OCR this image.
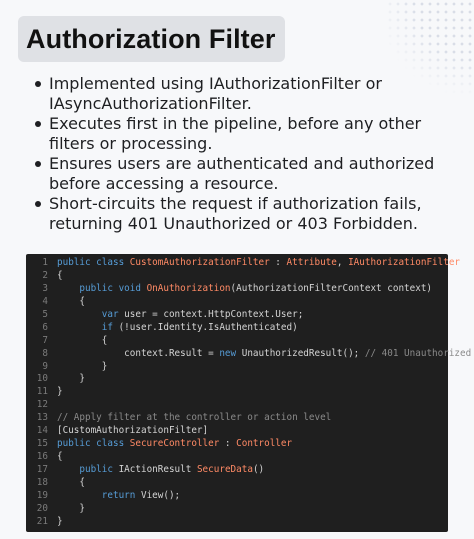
Authorization Filter
Implemented using IAuthorizationFilter or IAsyncAuthorizationFilter.
Executes first in the pipeline, before any other filters or processing.
Ensures users are authenticated and authorized before accessing a resource.
Short-circuits the request if authorization fails, returning 401 Unauthorized or 403 Forbidden.
1 public class CustomAuthorizationFilter : Attribute, IAuthorizationFilter
2 {
3 public void OnAuthorization(AuthorizationFilterContext context)
4 {
5 var user = context.HttpContext.User;
6 if (!user.Identity.IsAuthenticated)
7 {
8 context.Result = new UnauthorizedResult(); // 401 Unauthorized
9 }
10 }
11 }
12
13 // Apply filter at the controller or action level
14 [CustomAuthorizationFilter]
15 public class SecureController : Controller
16 {
17 public IActionResult SecureData()
18 {
19 return View();
20 }
21 }
